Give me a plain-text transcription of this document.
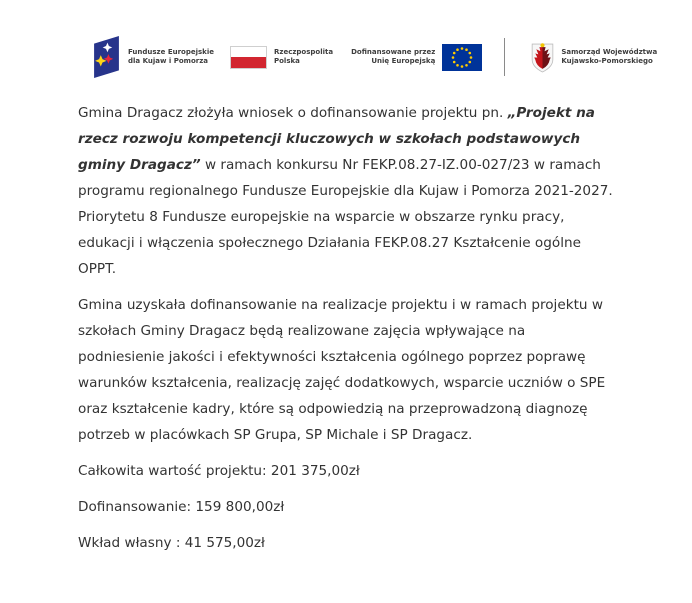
Fundusze Europejskie
dla Kujaw i Pomorza
Rzeczpospolita
Polska
Dofinansowane przez
Unię Europejską
Samorząd Województwa
Kujawsko-Pomorskiego

Gmina Dragacz złożyła wniosek o dofinansowanie projektu pn. „Projekt na rzecz rozwoju kompetencji kluczowych w szkołach podstawowych gminy Dragacz” w ramach konkursu Nr FEKP.08.27-IZ.00-027/23 w ramach programu regionalnego Fundusze Europejskie dla Kujaw i Pomorza 2021-2027. Priorytetu 8 Fundusze europejskie na wsparcie w obszarze rynku pracy, edukacji i włączenia społecznego Działania FEKP.08.27 Kształcenie ogólne OPPT.

Gmina uzyskała dofinansowanie na realizacje projektu i w ramach projektu w szkołach Gminy Dragacz będą realizowane zajęcia wpływające na podniesienie jakości i efektywności kształcenia ogólnego poprzez poprawę warunków kształcenia, realizację zajęć dodatkowych, wsparcie uczniów o SPE oraz kształcenie kadry, które są odpowiedzią na przeprowadzoną diagnozę potrzeb w placówkach SP Grupa, SP Michale i SP Dragacz.

Całkowita wartość projektu: 201 375,00zł

Dofinansowanie: 159 800,00zł

Wkład własny : 41 575,00zł
